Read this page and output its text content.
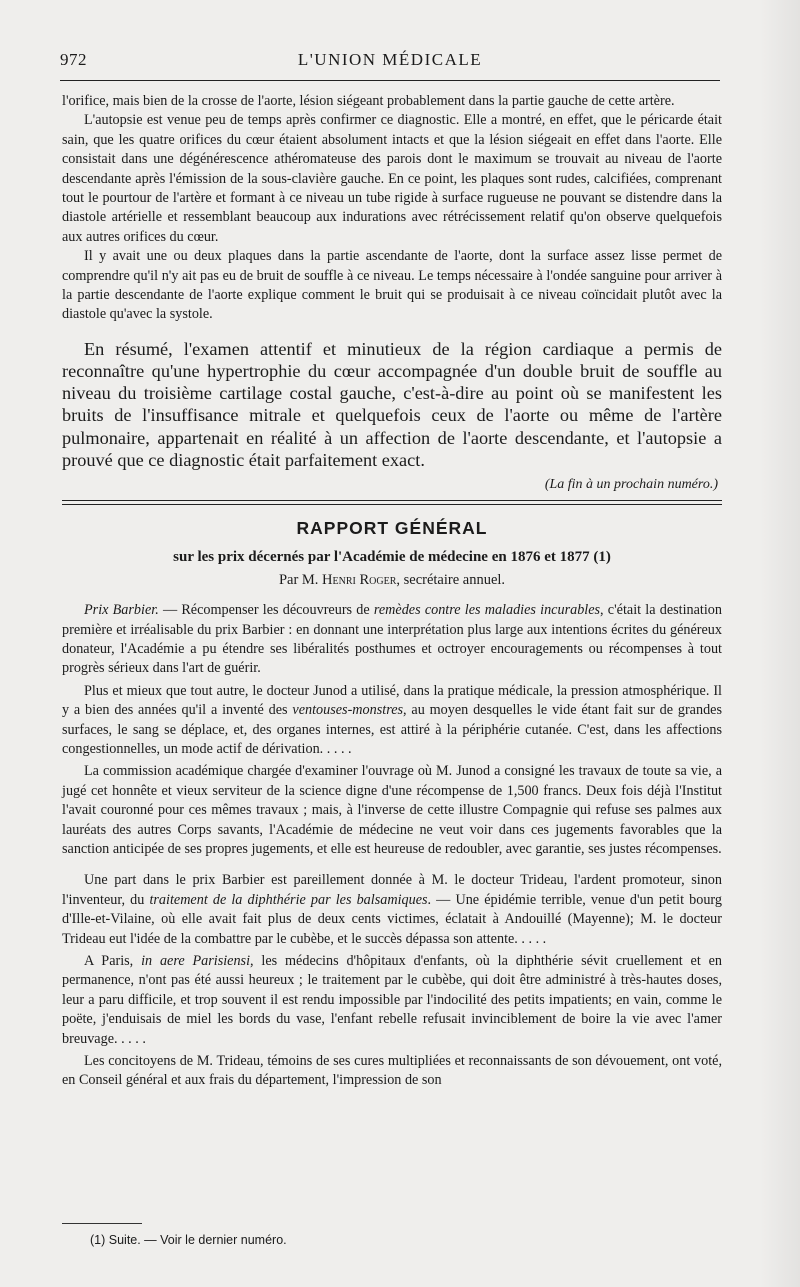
972	L'UNION MÉDICALE

l'orifice, mais bien de la crosse de l'aorte, lésion siégeant probablement dans la partie gauche de cette artère.

L'autopsie est venue peu de temps après confirmer ce diagnostic. Elle a montré, en effet, que le péricarde était sain, que les quatre orifices du cœur étaient absolument intacts et que la lésion siégeait en effet dans l'aorte. Elle consistait dans une dégénérescence athéromateuse des parois dont le maximum se trouvait au niveau de l'aorte descendante après l'émission de la sous-clavière gauche. En ce point, les plaques sont rudes, calcifiées, comprenant tout le pourtour de l'artère et formant à ce niveau un tube rigide à surface rugueuse ne pouvant se distendre dans la diastole artérielle et ressemblant beaucoup aux indurations avec rétrécissement relatif qu'on observe quelquefois aux autres orifices du cœur.

Il y avait une ou deux plaques dans la partie ascendante de l'aorte, dont la surface assez lisse permet de comprendre qu'il n'y ait pas eu de bruit de souffle à ce niveau. Le temps nécessaire à l'ondée sanguine pour arriver à la partie descendante de l'aorte explique comment le bruit qui se produisait à ce niveau coïncidait plutôt avec la diastole qu'avec la systole.

En résumé, l'examen attentif et minutieux de la région cardiaque a permis de reconnaître qu'une hypertrophie du cœur accompagnée d'un double bruit de souffle au niveau du troisième cartilage costal gauche, c'est-à-dire au point où se manifestent les bruits de l'insuffisance mitrale et quelquefois ceux de l'aorte ou même de l'artère pulmonaire, appartenait en réalité à un affection de l'aorte descendante, et l'autopsie a prouvé que ce diagnostic était parfaitement exact.

(La fin à un prochain numéro.)
RAPPORT GÉNÉRAL
sur les prix décernés par l'Académie de médecine en 1876 et 1877 (1)
Par M. Henri Roger, secrétaire annuel.

Prix Barbier. — Récompenser les découvreurs de remèdes contre les maladies incurables, c'était la destination première et irréalisable du prix Barbier : en donnant une interprétation plus large aux intentions écrites du généreux donateur, l'Académie a pu étendre ses libéralités posthumes et octroyer encouragements ou récompenses à tout progrès sérieux dans l'art de guérir.

Plus et mieux que tout autre, le docteur Junod a utilisé, dans la pratique médicale, la pression atmosphérique. Il y a bien des années qu'il a inventé des ventouses-monstres, au moyen desquelles le vide étant fait sur de grandes surfaces, le sang se déplace, et, des organes internes, est attiré à la périphérie cutanée. C'est, dans les affections congestionnelles, un mode actif de dérivation. . . . .

La commission académique chargée d'examiner l'ouvrage où M. Junod a consigné les travaux de toute sa vie, a jugé cet honnête et vieux serviteur de la science digne d'une récompense de 1,500 francs. Deux fois déjà l'Institut l'avait couronné pour ces mêmes travaux ; mais, à l'inverse de cette illustre Compagnie qui refuse ses palmes aux lauréats des autres Corps savants, l'Académie de médecine ne veut voir dans ces jugements favorables que la sanction anticipée de ses propres jugements, et elle est heureuse de redoubler, avec garantie, ses justes récompenses.

Une part dans le prix Barbier est pareillement donnée à M. le docteur Trideau, l'ardent promoteur, sinon l'inventeur, du traitement de la diphthérie par les balsamiques. — Une épidémie terrible, venue d'un petit bourg d'Ille-et-Vilaine, où elle avait fait plus de deux cents victimes, éclatait à Andouillé (Mayenne); M. le docteur Trideau eut l'idée de la combattre par le cubèbe, et le succès dépassa son attente. . . . .

A Paris, in aere Parisiensi, les médecins d'hôpitaux d'enfants, où la diphthérie sévit cruellement et en permanence, n'ont pas été aussi heureux ; le traitement par le cubèbe, qui doit être administré à très-hautes doses, leur a paru difficile, et trop souvent il est rendu impossible par l'indocilité des petits impatients; en vain, comme le poëte, j'enduisais de miel les bords du vase, l'enfant rebelle refusait invinciblement de boire la vie avec l'amer breuvage. . . . .

Les concitoyens de M. Trideau, témoins de ses cures multipliées et reconnaissants de son dévouement, ont voté, en Conseil général et aux frais du département, l'impression de son

(1) Suite. — Voir le dernier numéro.
